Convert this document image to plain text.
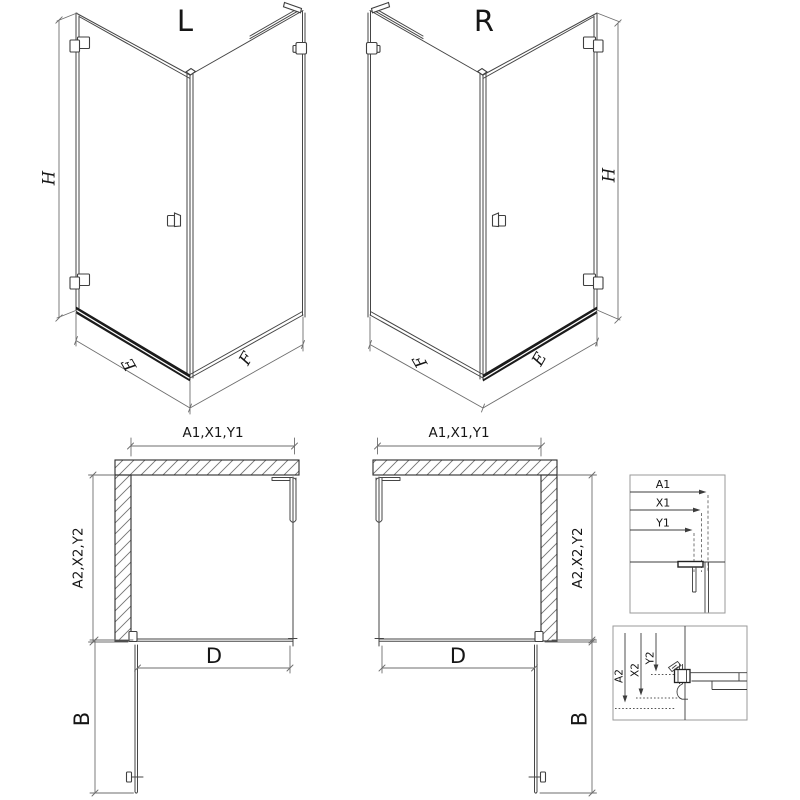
L
H
E	F
R
H
F	E
A1,X1,Y1
A2,X2,Y2
D
B
A1,X1,Y1
A2,X2,Y2
D
B
A1
X1
Y1
A2 X2
Y2
